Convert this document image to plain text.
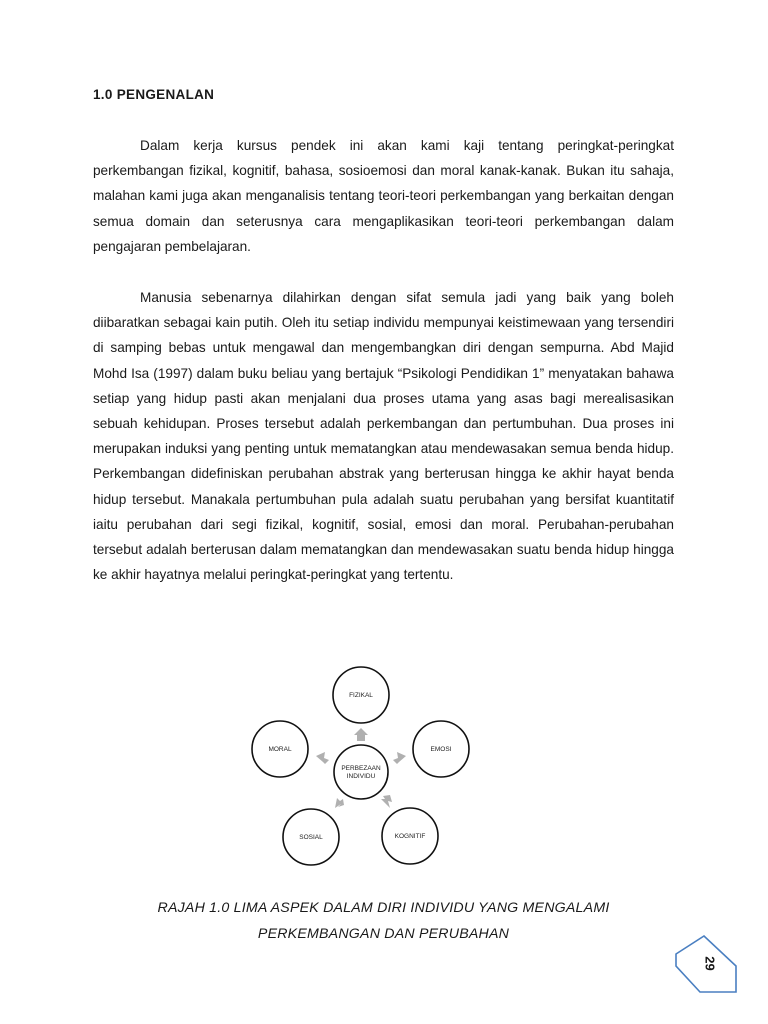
1.0 PENGENALAN

Dalam kerja kursus pendek ini akan kami kaji tentang peringkat-peringkat perkembangan fizikal, kognitif, bahasa, sosioemosi dan moral kanak-kanak. Bukan itu sahaja, malahan kami juga akan menganalisis tentang teori-teori perkembangan yang berkaitan dengan semua domain dan seterusnya cara mengaplikasikan teori-teori perkembangan dalam pengajaran pembelajaran.

Manusia sebenarnya dilahirkan dengan sifat semula jadi yang baik yang boleh diibaratkan sebagai kain putih. Oleh itu setiap individu mempunyai keistimewaan yang tersendiri di samping bebas untuk mengawal dan mengembangkan diri dengan sempurna. Abd Majid Mohd Isa (1997) dalam buku beliau yang bertajuk “Psikologi Pendidikan 1” menyatakan bahawa setiap yang hidup pasti akan menjalani dua proses utama yang asas bagi merealisasikan sebuah kehidupan. Proses tersebut adalah perkembangan dan pertumbuhan. Dua proses ini merupakan induksi yang penting untuk mematangkan atau mendewasakan semua benda hidup. Perkembangan didefiniskan perubahan abstrak yang berterusan hingga ke akhir hayat benda hidup tersebut. Manakala pertumbuhan pula adalah suatu perubahan yang bersifat kuantitatif iaitu perubahan dari segi fizikal, kognitif, sosial, emosi dan moral. Perubahan-perubahan tersebut adalah berterusan dalam mematangkan dan mendewasakan suatu benda hidup hingga ke akhir hayatnya melalui peringkat-peringkat yang tertentu.

FIZIKAL
EMOSI
KOGNITIF
SOSIAL
MORAL
PERBEZAAN
INDIVIDU
RAJAH 1.0 LIMA ASPEK DALAM DIRI INDIVIDU YANG MENGALAMI
PERKEMBANGAN DAN PERUBAHAN
29
